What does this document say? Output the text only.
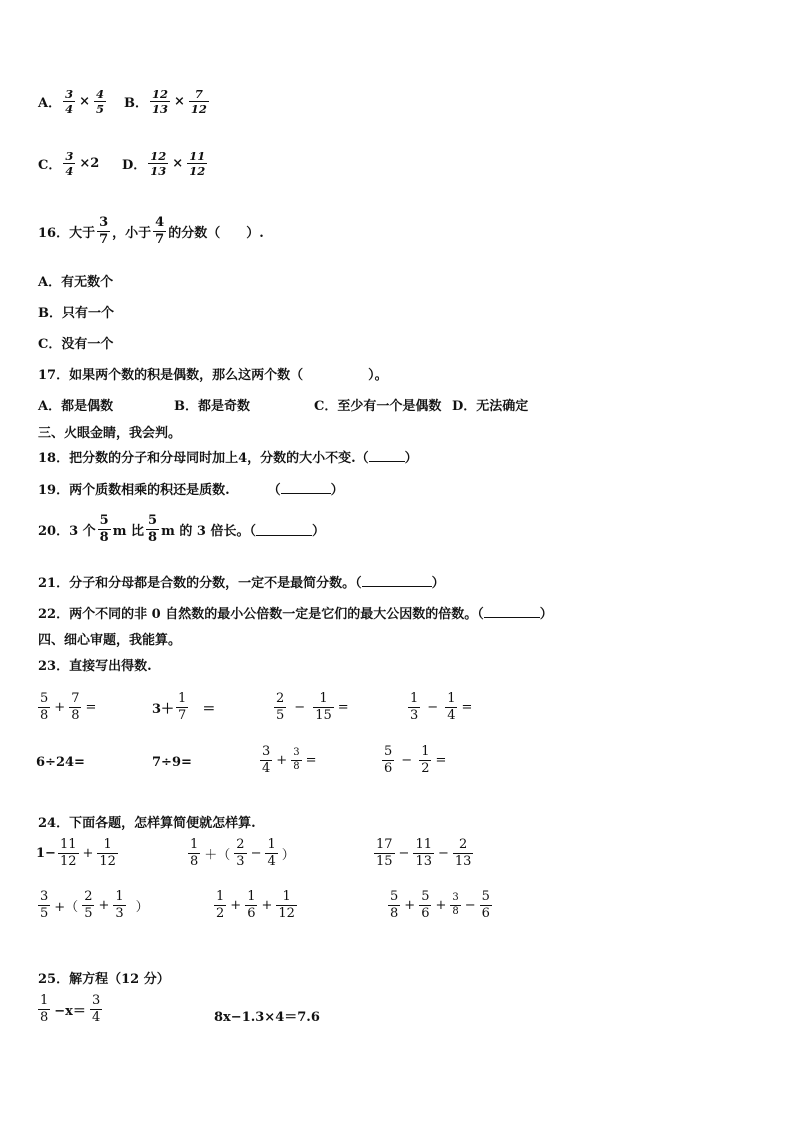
A． $\frac{3}{4} \times \frac{4}{5}$ B． $\frac{12}{13} \times \frac{7}{12}$
C． $\frac{3}{4} \times 2$ D． $\frac{12}{13} \times \frac{11}{12}$
16． 大于 $\frac{3}{7}$ ，小于 $\frac{4}{7}$ 的分数（　　）.
A．有无数个
B．只有一个
C．没有一个
17．如果两个数的积是偶数，那么这两个数（　　　　　）。
A．都是偶数	B．都是奇数	C．至少有一个是偶数 D．无法确定
三、火眼金睛，我会判。
18．把分数的分子和分母同时加上4，分数的大小不变.（	）
19．两个质数相乘的积还是质数.	（	）
20． 3 个 $\frac{5}{8}$ m 比 $\frac{5}{8}$ m 的 3 倍长。（	）
21．分子和分母都是合数的分数，一定不是最简分数。（	）
22．两个不同的非 0 自然数的最小公倍数一定是它们的最大公因数的倍数。（	）
四、细心审题，我能算。
23．直接写出得数.
$\frac{5}{8} + \frac{7}{8}$ =	$3+ \frac{1}{7}$ ＝	$\frac{2}{5} - \frac{1}{15}$ =	$\frac{1}{3} - \frac{1}{4}$ =
6÷24=	7÷9=	$\frac{3}{4} + \frac{3}{8}$ =	$\frac{5}{6} - \frac{1}{2}$ =
24．下面各题，怎样算简便就怎样算.
$1- \frac{11}{12} + \frac{1}{12}$	$\frac{1}{8}$ ＋（ $\frac{2}{3} - \frac{1}{4}$ ）	$\frac{17}{15} - \frac{11}{13} - \frac{2}{13}$
$\frac{3}{5}$ +（ $\frac{2}{5} + \frac{1}{3}$ ）	$\frac{1}{2} + \frac{1}{6} + \frac{1}{12}$	$\frac{5}{8} + \frac{5}{6} + \frac{3}{8} - \frac{5}{6}$
25．解方程（12 分）
$\frac{1}{8} -x= \frac{3}{4}$	8x−1.3×4＝7.6
